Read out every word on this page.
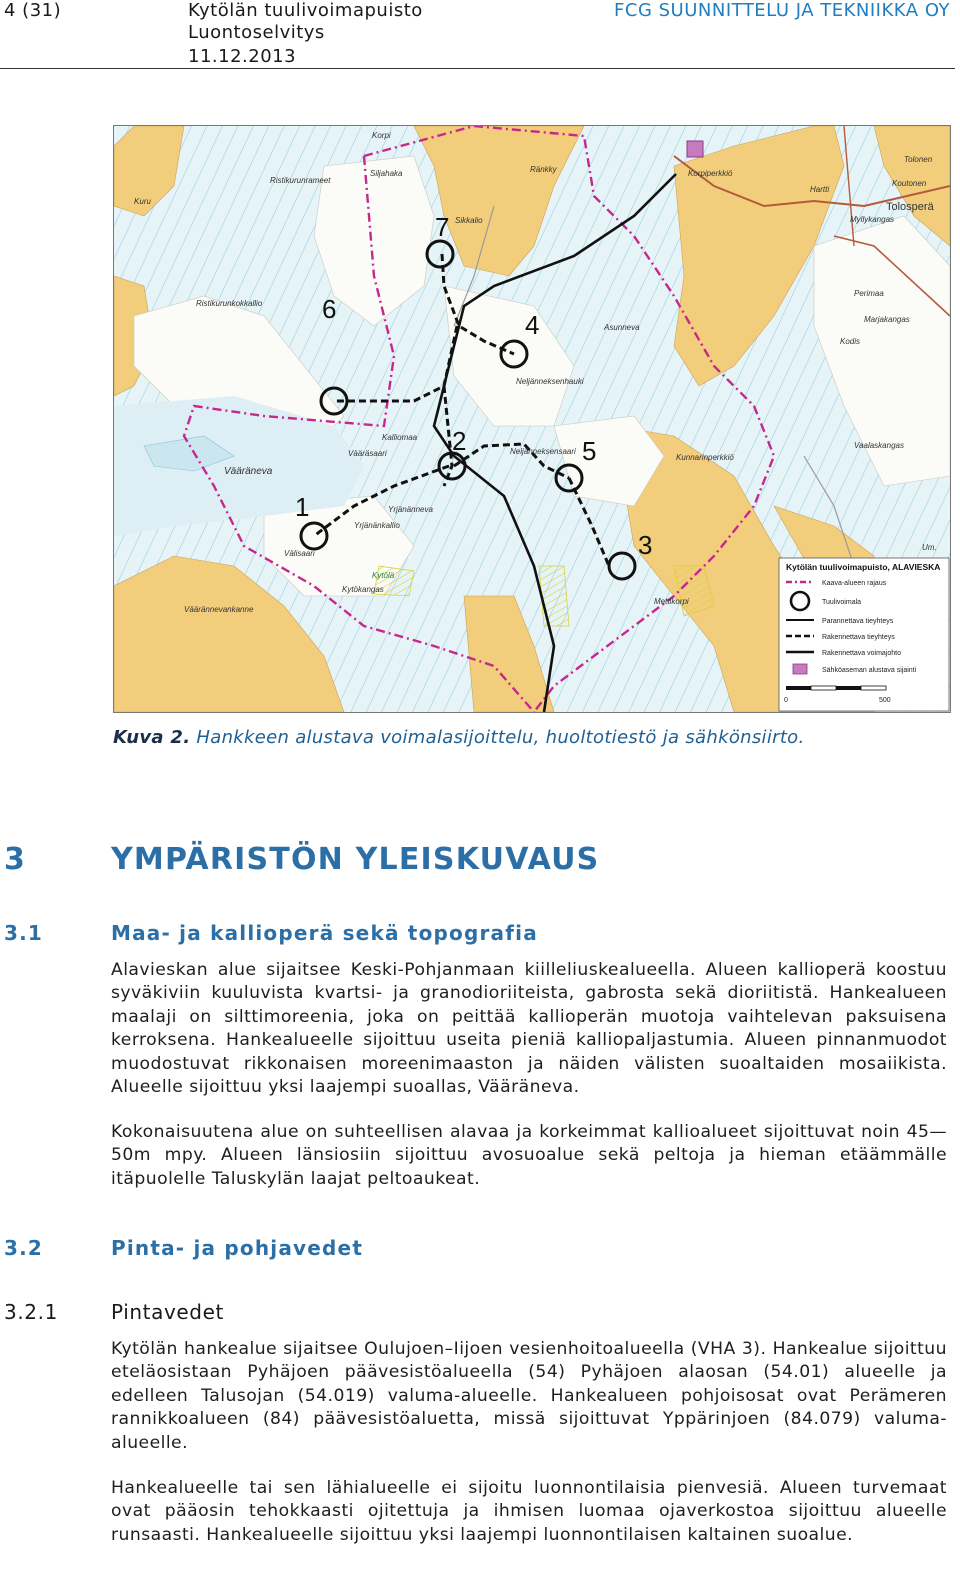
4 (31)	Kytölän tuulivoimapuisto
Luontoselvitys
11.12.2013
FCG SUUNNITTELU JA TEKNIIKKA OY
1
2
3
4
5
6
7
Korpi
Siljahaka	Ränkky
Ristikurunrameet
Kuru
Sikkalio
Korpiperkkiö
Tolonen
Koutonen
Hartti
Myllykangas
Tolosperä
Ristikurunkokkallio
Asunneva
Perimaa
Marjakangas
Kodis
Neljänneksenhauki
Vääräneva
Vääräsaari
Kalliomaa
Neljänneksensaari
Vaalaskangas
Kunnarinperkkiö
Yrjänänkallio
Yrjänänneva
Välisaari
Kytökangas
Kytölä
Väärännevankanne
Mettikorpi
Um.
Kytölän tuulivoimapuisto, ALAVIESKA
Kaava-alueen rajaus
Tuulivoimala
Parannettava tieyhteys
Rakennettava tieyhteys
Rakennettava voimajohto
Sähköaseman alustava sijainti
0	500
Kuva 2. Hankkeen alustava voimalasijoittelu, huoltotiestö ja sähkönsiirto.
3	YMPÄRISTÖN YLEISKUVAUS
3.1	Maa- ja kallioperä sekä topografia

Alavieskan alue sijaitsee Keski-Pohjanmaan kiilleliuskealueella. Alueen kallioperä koostuu syväkiviin kuuluvista kvartsi- ja granodioriiteista, gabrosta sekä dioriitistä. Hankealueen maalaji on silttimoreenia, joka on peittää kallioperän muotoja vaihtelevan paksuisena kerroksena. Hankealueelle sijoittuu useita pieniä kalliopaljastumia. Alueen pinnanmuodot muodostuvat rikkonaisen moreenimaaston ja näiden välisten suoaltaiden mosaiikista. Alueelle sijoittuu yksi laajempi suoallas, Vääräneva.

Kokonaisuutena alue on suhteellisen alavaa ja korkeimmat kallioalueet sijoittuvat noin 45—50m mpy. Alueen länsiosiin sijoittuu avosuoalue sekä peltoja ja hieman etäämmälle itäpuolelle Taluskylän laajat peltoaukeat.

3.2	Pinta- ja pohjavedet
3.2.1	Pintavedet

Kytölän hankealue sijaitsee Oulujoen–Iijoen vesienhoitoalueella (VHA 3). Hankealue sijoittuu eteläosistaan Pyhäjoen päävesistöalueella (54) Pyhäjoen alaosan (54.01) alueelle ja edelleen Talusojan (54.019) valuma-alueelle. Hankealueen pohjoisosat ovat Perämeren rannikkoalueen (84) päävesistöaluetta, missä sijoittuvat Yppärinjoen (84.079) valuma-alueelle.

Hankealueelle tai sen lähialueelle ei sijoitu luonnontilaisia pienvesiä. Alueen turvemaat ovat pääosin tehokkaasti ojitettuja ja ihmisen luomaa ojaverkostoa sijoittuu alueelle runsaasti. Hankealueelle sijoittuu yksi laajempi luonnontilaisen kaltainen suoalue.
